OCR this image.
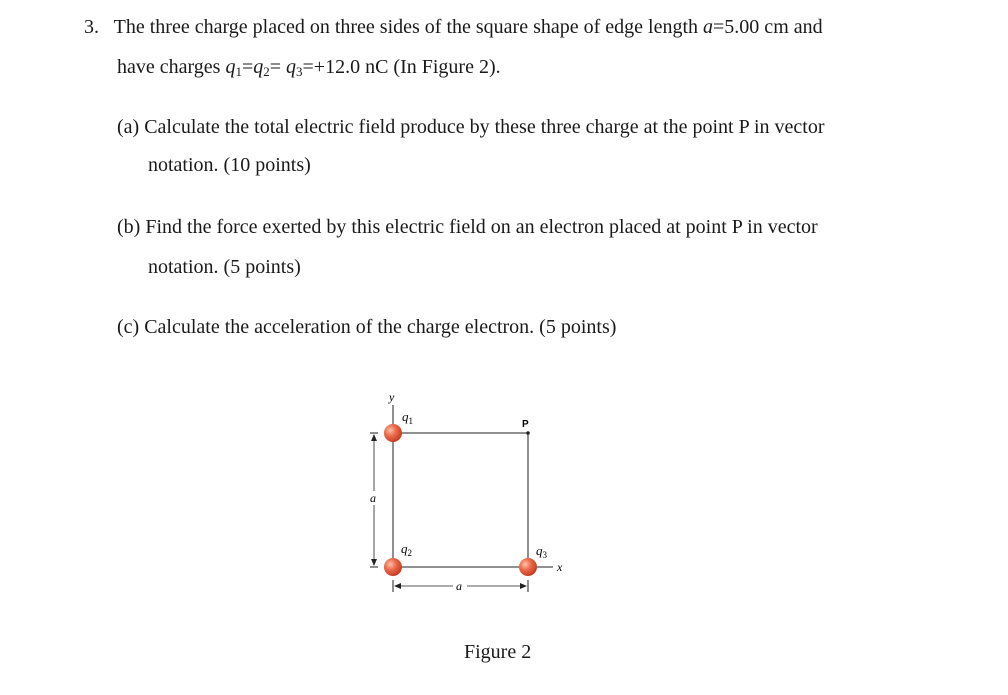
3. The three charge placed on three sides of the square shape of edge length a=5.00 cm and
have charges $q_1=q_2= q_3=+12.0$ nC (In Figure 2).
(a) Calculate the total electric field produce by these three charge at the point P in vector
notation. (10 points)
(b) Find the force exerted by this electric field on an electron placed at point P in vector
notation. (5 points)
(c) Calculate the acceleration of the charge electron. (5 points)
y
x
P
a
a
$q_1$
$q_2$	$q_3$
Figure 2
